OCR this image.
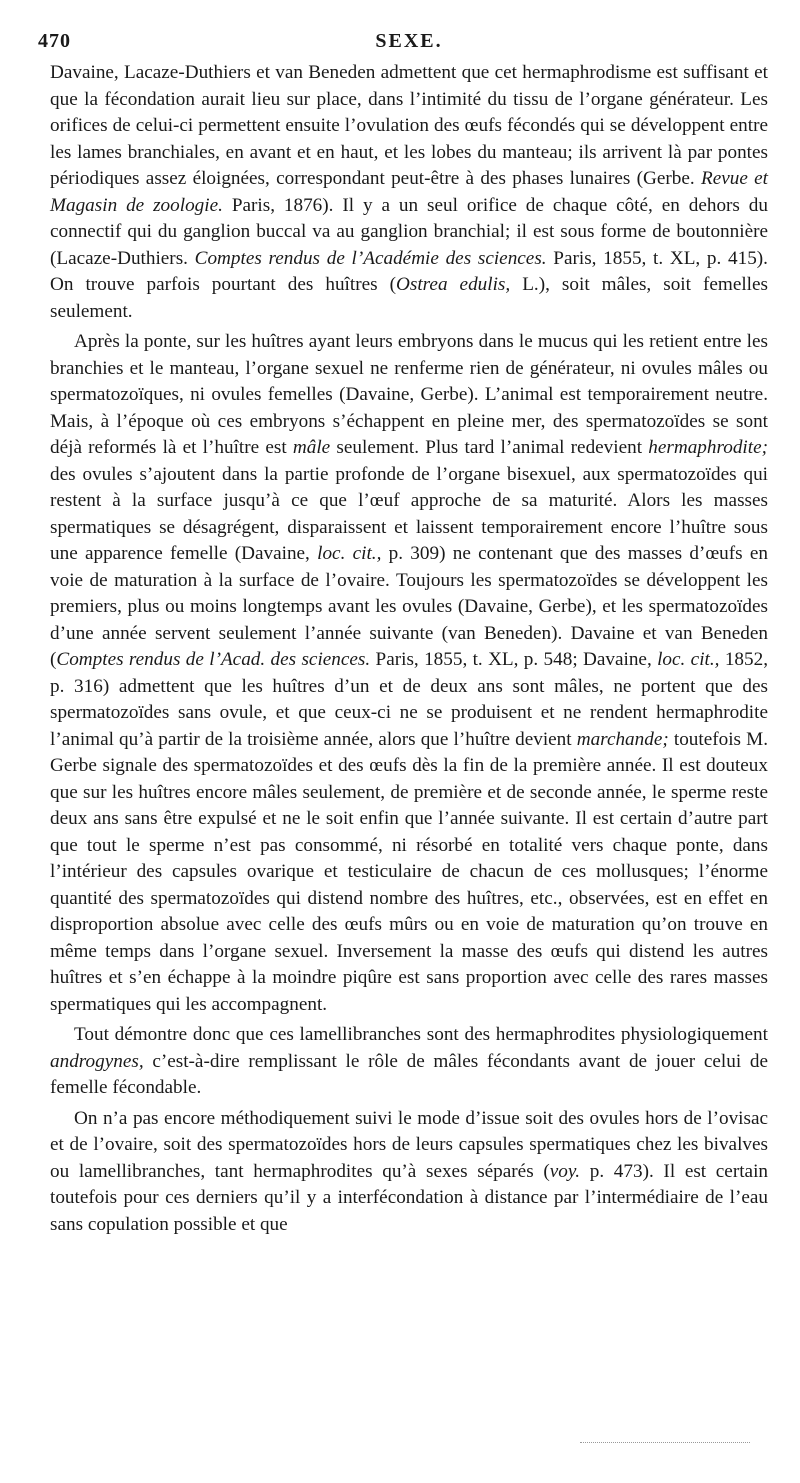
470	SEXE.

Davaine, Lacaze-Duthiers et van Beneden admettent que cet hermaphrodisme est suffisant et que la fécondation aurait lieu sur place, dans l’intimité du tissu de l’organe générateur. Les orifices de celui-ci permettent ensuite l’ovulation des œufs fécondés qui se développent entre les lames branchiales, en avant et en haut, et les lobes du manteau; ils arrivent là par pontes périodiques assez éloignées, correspondant peut-être à des phases lunaires (Gerbe. Revue et Magasin de zoologie. Paris, 1876). Il y a un seul orifice de chaque côté, en dehors du connectif qui du ganglion buccal va au ganglion branchial; il est sous forme de boutonnière (Lacaze-Duthiers. Comptes rendus de l’Académie des sciences. Paris, 1855, t. XL, p. 415). On trouve parfois pourtant des huîtres (Ostrea edulis, L.), soit mâles, soit femelles seulement.

Après la ponte, sur les huîtres ayant leurs embryons dans le mucus qui les retient entre les branchies et le manteau, l’organe sexuel ne renferme rien de générateur, ni ovules mâles ou spermatozoïques, ni ovules femelles (Davaine, Gerbe). L’animal est temporairement neutre. Mais, à l’époque où ces embryons s’échappent en pleine mer, des spermatozoïdes se sont déjà reformés là et l’huître est mâle seulement. Plus tard l’animal redevient hermaphrodite; des ovules s’ajoutent dans la partie profonde de l’organe bisexuel, aux spermatozoïdes qui restent à la surface jusqu’à ce que l’œuf approche de sa maturité. Alors les masses spermatiques se désagrégent, disparaissent et laissent temporairement encore l’huître sous une apparence femelle (Davaine, loc. cit., p. 309) ne contenant que des masses d’œufs en voie de maturation à la surface de l’ovaire. Toujours les spermatozoïdes se développent les premiers, plus ou moins longtemps avant les ovules (Davaine, Gerbe), et les spermatozoïdes d’une année servent seulement l’année suivante (van Beneden). Davaine et van Beneden (Comptes rendus de l’Acad. des sciences. Paris, 1855, t. XL, p. 548; Davaine, loc. cit., 1852, p. 316) admettent que les huîtres d’un et de deux ans sont mâles, ne portent que des spermatozoïdes sans ovule, et que ceux-ci ne se produisent et ne rendent hermaphrodite l’animal qu’à partir de la troisième année, alors que l’huître devient marchande; toutefois M. Gerbe signale des spermatozoïdes et des œufs dès la fin de la première année. Il est douteux que sur les huîtres encore mâles seulement, de première et de seconde année, le sperme reste deux ans sans être expulsé et ne le soit enfin que l’année suivante. Il est certain d’autre part que tout le sperme n’est pas consommé, ni résorbé en totalité vers chaque ponte, dans l’intérieur des capsules ovarique et testiculaire de chacun de ces mollusques; l’énorme quantité des spermatozoïdes qui distend nombre des huîtres, etc., observées, est en effet en disproportion absolue avec celle des œufs mûrs ou en voie de maturation qu’on trouve en même temps dans l’organe sexuel. Inversement la masse des œufs qui distend les autres huîtres et s’en échappe à la moindre piqûre est sans proportion avec celle des rares masses spermatiques qui les accompagnent.

Tout démontre donc que ces lamellibranches sont des hermaphrodites physiologiquement androgynes, c’est-à-dire remplissant le rôle de mâles fécondants avant de jouer celui de femelle fécondable.

On n’a pas encore méthodiquement suivi le mode d’issue soit des ovules hors de l’ovisac et de l’ovaire, soit des spermatozoïdes hors de leurs capsules spermatiques chez les bivalves ou lamellibranches, tant hermaphrodites qu’à sexes séparés (voy. p. 473). Il est certain toutefois pour ces derniers qu’il y a interfécondation à distance par l’intermédiaire de l’eau sans copulation possible et que
